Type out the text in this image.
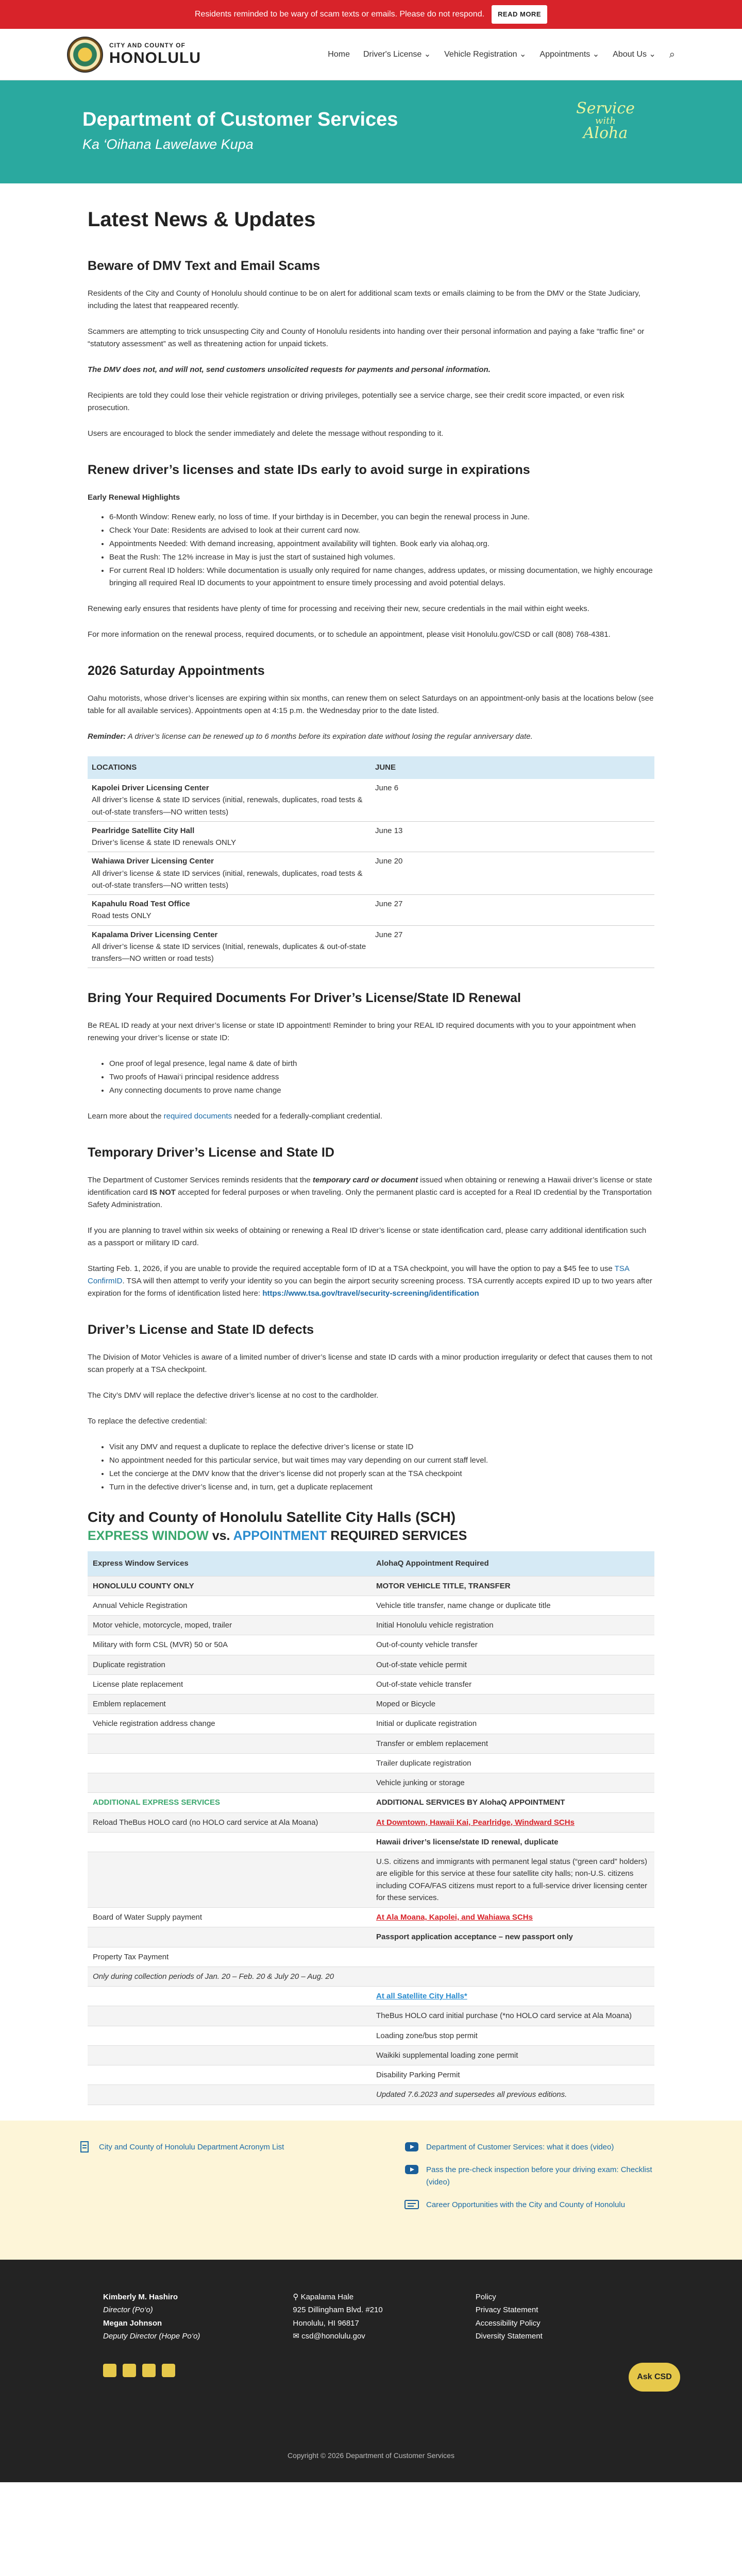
Residents reminded to be wary of scam texts or emails. Please do not respond.	READ MORE
CITY AND COUNTY OF
HONOLULU	Home Driver's License ⌄ Vehicle Registration ⌄ Appointments ⌄ About Us ⌄ ⌕
Department of Customer Services
Ka ‘Oihana Lawelawe Kupa
Service
with
Aloha
Latest News & Updates
Beware of DMV Text and Email Scams

Residents of the City and County of Honolulu should continue to be on alert for additional scam texts or emails claiming to be from the DMV or the State Judiciary, including the latest that reappeared recently.

Scammers are attempting to trick unsuspecting City and County of Honolulu residents into handing over their personal information and paying a fake “traffic fine” or “statutory assessment” as well as threatening action for unpaid tickets.

The DMV does not, and will not, send customers unsolicited requests for payments and personal information.

Recipients are told they could lose their vehicle registration or driving privileges, potentially see a service charge, see their credit score impacted, or even risk prosecution.

Users are encouraged to block the sender immediately and delete the message without responding to it.

Renew driver’s licenses and state IDs early to avoid surge in expirations

Early Renewal Highlights

• 6-Month Window: Renew early, no loss of time. If your birthday is in December, you can begin the renewal process in June.
• Check Your Date: Residents are advised to look at their current card now.
• Appointments Needed: With demand increasing, appointment availability will tighten. Book early via alohaq.org.
• Beat the Rush: The 12% increase in May is just the start of sustained high volumes.
• For current Real ID holders: While documentation is usually only required for name changes, address updates, or missing documentation, we highly encourage bringing all required Real ID documents to your appointment to ensure timely processing and avoid potential delays.

Renewing early ensures that residents have plenty of time for processing and receiving their new, secure credentials in the mail within eight weeks.

For more information on the renewal process, required documents, or to schedule an appointment, please visit Honolulu.gov/CSD or call (808) 768-4381.

2026 Saturday Appointments

Oahu motorists, whose driver’s licenses are expiring within six months, can renew them on select Saturdays on an appointment-only basis at the locations below (see table for all available services). Appointments open at 4:15 p.m. the Wednesday prior to the date listed.

Reminder: A driver’s license can be renewed up to 6 months before its expiration date without losing the regular anniversary date.

LOCATIONS	JUNE
Kapolei Driver Licensing Center
All driver’s license & state ID services (initial, renewals, duplicates, road tests & out-of-state transfers—NO written tests)	June 6
Pearlridge Satellite City Hall
Driver’s license & state ID renewals ONLY	June 13
Wahiawa Driver Licensing Center
All driver’s license & state ID services (initial, renewals, duplicates, road tests & out-of-state transfers—NO written tests)	June 20
Kapahulu Road Test Office
Road tests ONLY	June 27
Kapalama Driver Licensing Center
All driver’s license & state ID services (Initial, renewals, duplicates & out-of-state transfers—NO written or road tests)	June 27
Bring Your Required Documents For Driver’s License/State ID Renewal

Be REAL ID ready at your next driver’s license or state ID appointment! Reminder to bring your REAL ID required documents with you to your appointment when renewing your driver’s license or state ID:

• One proof of legal presence, legal name & date of birth
• Two proofs of Hawai‘i principal residence address
• Any connecting documents to prove name change

Learn more about the required documents needed for a federally-compliant credential.

Temporary Driver’s License and State ID

The Department of Customer Services reminds residents that the temporary card or document issued when obtaining or renewing a Hawaii driver’s license or state identification card IS NOT accepted for federal purposes or when traveling. Only the permanent plastic card is accepted for a Real ID credential by the Transportation Safety Administration.

If you are planning to travel within six weeks of obtaining or renewing a Real ID driver’s license or state identification card, please carry additional identification such as a passport or military ID card.

Starting Feb. 1, 2026, if you are unable to provide the required acceptable form of ID at a TSA checkpoint, you will have the option to pay a $45 fee to use TSA ConfirmID. TSA will then attempt to verify your identity so you can begin the airport security screening process. TSA currently accepts expired ID up to two years after expiration for the forms of identification listed here: https://www.tsa.gov/travel/security-screening/identification

Driver’s License and State ID defects

The Division of Motor Vehicles is aware of a limited number of driver’s license and state ID cards with a minor production irregularity or defect that causes them to not scan properly at a TSA checkpoint.

The City’s DMV will replace the defective driver’s license at no cost to the cardholder.

To replace the defective credential:

• Visit any DMV and request a duplicate to replace the defective driver’s license or state ID
• No appointment needed for this particular service, but wait times may vary depending on our current staff level.
• Let the concierge at the DMV know that the driver’s license did not properly scan at the TSA checkpoint
• Turn in the defective driver’s license and, in turn, get a duplicate replacement
City and County of Honolulu Satellite City Halls (SCH)
EXPRESS WINDOW vs. APPOINTMENT REQUIRED SERVICES
Express Window Services	AlohaQ Appointment Required
HONOLULU COUNTY ONLY	MOTOR VEHICLE TITLE, TRANSFER
Annual Vehicle Registration	Vehicle title transfer, name change or duplicate title
Motor vehicle, motorcycle, moped, trailer	Initial Honolulu vehicle registration
Military with form CSL (MVR) 50 or 50A	Out-of-county vehicle transfer
Duplicate registration	Out-of-state vehicle permit
License plate replacement	Out-of-state vehicle transfer
Emblem replacement	Moped or Bicycle
Vehicle registration address change	Initial or duplicate registration
	Transfer or emblem replacement
	Trailer duplicate registration
	Vehicle junking or storage
ADDITIONAL EXPRESS SERVICES	ADDITIONAL SERVICES BY AlohaQ APPOINTMENT
Reload TheBus HOLO card (no HOLO card service at Ala Moana)	At Downtown, Hawaii Kai, Pearlridge, Windward SCHs
	Hawaii driver’s license/state ID renewal, duplicate
	U.S. citizens and immigrants with permanent legal status (“green card” holders) are eligible for this service at these four satellite city halls; non-U.S. citizens including COFA/FAS citizens must report to a full-service driver licensing center for these services.
Board of Water Supply payment	At Ala Moana, Kapolei, and Wahiawa SCHs
	Passport application acceptance – new passport only
Property Tax Payment	
Only during collection periods of Jan. 20 – Feb. 20 & July 20 – Aug. 20	
	At all Satellite City Halls*
	TheBus HOLO card initial purchase (*no HOLO card service at Ala Moana)
	Loading zone/bus stop permit
	Waikiki supplemental loading zone permit
	Disability Parking Permit
	Updated 7.6.2023 and supersedes all previous editions.
City and County of Honolulu Department Acronym List	Department of Customer Services: what it does (video)
Pass the pre-check inspection before your driving exam: Checklist (video)
Career Opportunities with the City and County of Honolulu
Kimberly M. Hashiro
Director (Po‘o)
Megan Johnson
Deputy Director (Hope Po‘o)
⚲ Kapalama Hale
925 Dillingham Blvd. #210
Honolulu, HI 96817
✉ csd@honolulu.gov
Policy
Privacy Statement
Accessibility Policy
Diversity Statement
Ask CSD
Copyright © 2026 Department of Customer Services
